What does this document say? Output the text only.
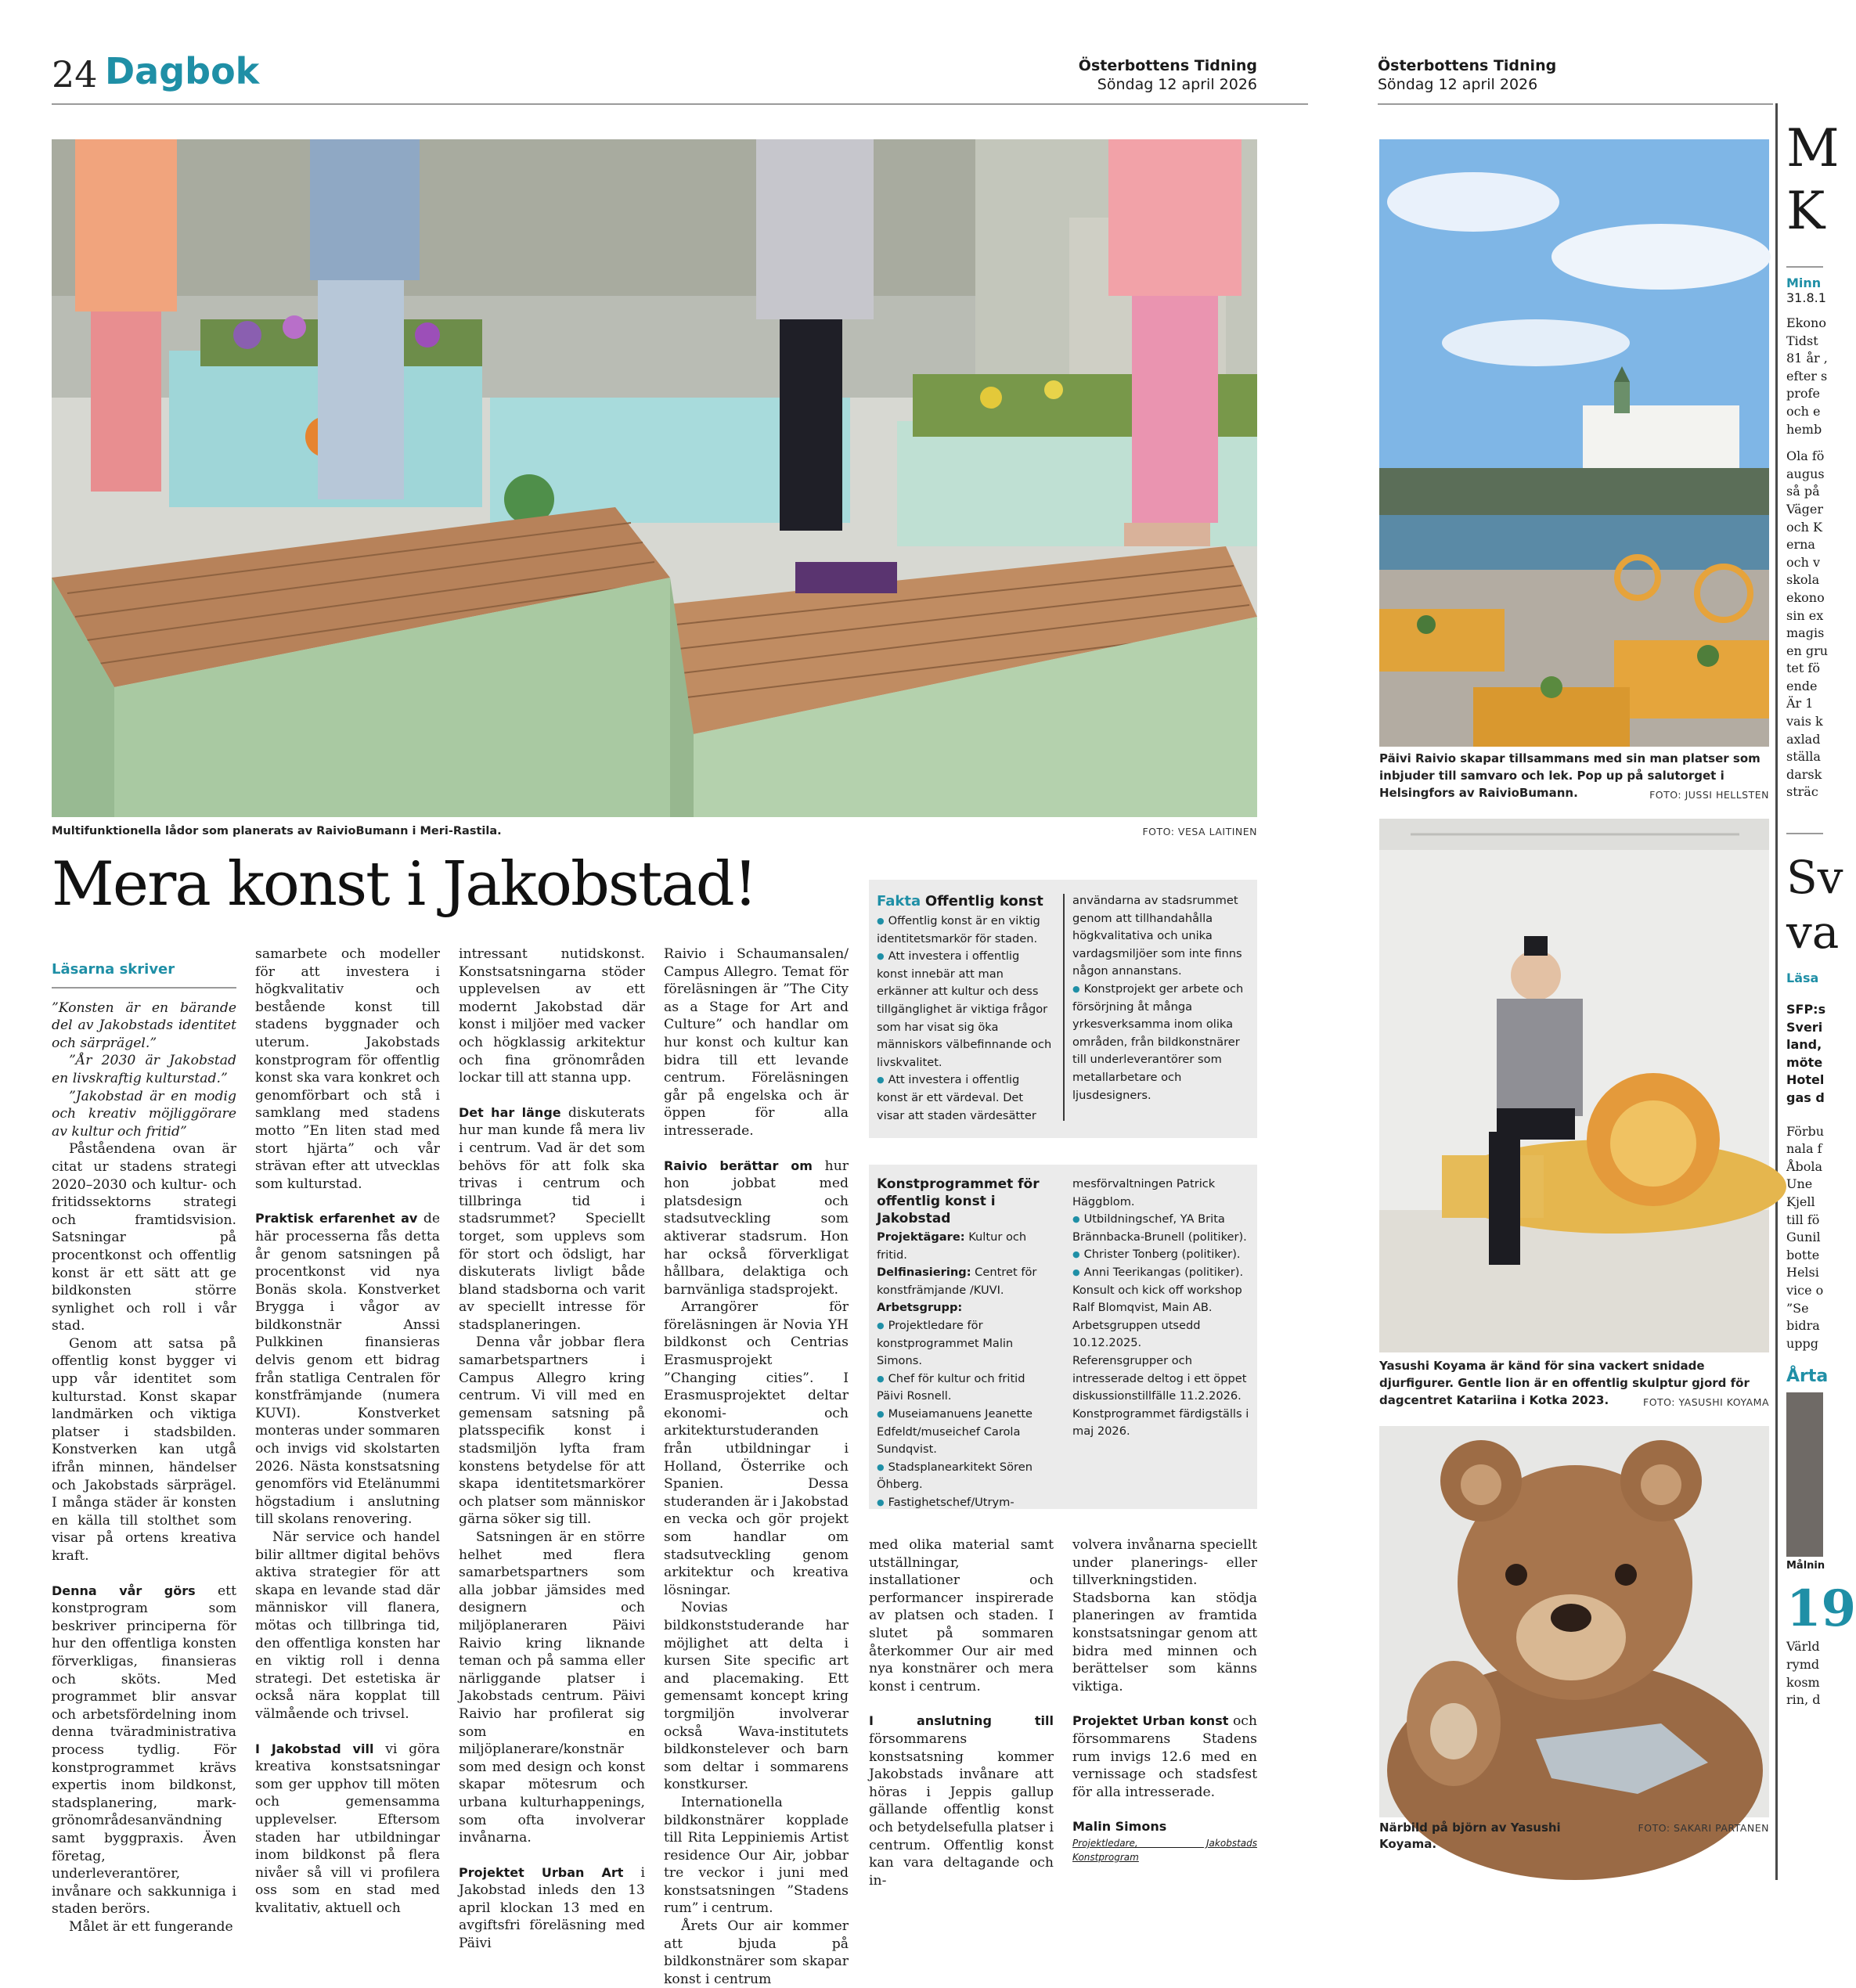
24 Dagbok	Österbottens Tidning
Söndag 12 april 2026
Österbottens Tidning
Söndag 12 april 2026
Multifunktionella lådor som planerats av RaivioBumann i Meri-Rastila.	FOTO: VESA LAITINEN
Mera konst i Jakobstad!
Läsarna skriver

”Konsten är en bärande del av Jakobstads identitet och särprägel.”

”År 2030 är Jakobstad en livskraftig kulturstad.”

”Jakobstad är en modig och kreativ möjliggörare av kultur och fritid”

Påståendena ovan är citat ur stadens strategi 2020–2030 och kultur- och fritidssektorns strategi och framtidsvision. Satsningar på procentkonst och offentlig konst är ett sätt att ge bildkonsten större synlighet och roll i vår stad.

Genom att satsa på offentlig konst bygger vi upp vår identitet som kulturstad. Konst skapar landmärken och viktiga platser i stadsbilden. Konstverken kan utgå ifrån minnen, händelser och Jakobstads särprägel. I många städer är konsten en källa till stolthet som visar på ortens kreativa kraft.

Denna vår görs ett konstprogram som beskriver principerna för hur den offentliga konsten förverkligas, finansieras och sköts. Med programmet blir ansvar och arbetsfördelning inom denna tväradministrativa process tydlig. För konstprogrammet krävs expertis inom bildkonst, stadsplanering, mark- grönområdesanvändning samt byggpraxis. Även företag, underleverantörer, invånare och sakkunniga i staden berörs.

Målet är ett fungerande

samarbete och modeller för att investera i högkvalitativ och bestående konst till stadens byggnader och uterum. Jakobstads konstprogram för offentlig konst ska vara konkret och genomförbart och stå i samklang med stadens motto ”En liten stad med stort hjärta” och vår strävan efter att utvecklas som kulturstad.

Praktisk erfarenhet av de här processerna fås detta år genom satsningen på procentkonst vid nya Bonäs skola. Konstverket Brygga i vågor av bildkonstnär Anssi Pulkkinen finansieras delvis genom ett bidrag från statliga Centralen för konstfrämjande (numera KUVI). Konstverket monteras under sommaren och invigs vid skolstarten 2026. Nästa konstsatsning genomförs vid Etelänummi högstadium i anslutning till skolans renovering.

När service och handel bilir alltmer digital behövs aktiva strategier för att skapa en levande stad där människor vill flanera, mötas och tillbringa tid, den offentliga konsten har en viktig roll i denna strategi. Det estetiska är också nära kopplat till välmående och trivsel.

I Jakobstad vill vi göra kreativa konstsatsningar som ger upphov till möten och gemensamma upplevelser. Eftersom staden har utbildningar inom bildkonst på flera nivåer så vill vi profilera oss som en stad med kvalitativ, aktuell och

intressant nutidskonst. Konstsatsningarna stöder upplevelsen av ett modernt Jakobstad där konst i miljöer med vacker och högklassig arkitektur och fina grönområden lockar till att stanna upp.

Det har länge diskuterats hur man kunde få mera liv i centrum. Vad är det som behövs för att folk ska trivas i centrum och tillbringa tid i stadsrummet? Speciellt torget, som upplevs som för stort och ödsligt, har diskuterats livligt både bland stadsborna och varit av speciellt intresse för stadsplaneringen.

Denna vår jobbar flera samarbetspartners i Campus Allegro kring centrum. Vi vill med en gemensam satsning på platsspecifik konst i stadsmiljön lyfta fram konstens betydelse för att skapa identitetsmarkörer och platser som människor gärna söker sig till.

Satsningen är en större helhet med flera samarbetspartners som alla jobbar jämsides med designern och miljöplaneraren Päivi Raivio kring liknande teman och på samma eller närliggande platser i Jakobstads centrum. Päivi Raivio har profilerat sig som en miljöplanerare/konstnär som med design och konst skapar mötesrum och urbana kulturhappenings, som ofta involverar invånarna.

Projektet Urban Art i Jakobstad inleds den 13 april klockan 13 med en avgiftsfri föreläsning med Päivi

Raivio i Schaumansalen/ Campus Allegro. Temat för föreläsningen är ”The City as a Stage for Art and Culture” och handlar om hur konst och kultur kan bidra till ett levande centrum. Föreläsningen går på engelska och är öppen för alla intresserade.

Raivio berättar om hur hon jobbat med platsdesign och stadsutveckling som aktiverar stadsrum. Hon har också förverkligat hållbara, delaktiga och barnvänliga stadsprojekt.

Arrangörer för föreläsningen är Novia YH bildkonst och Centrias Erasmusprojekt ”Changing cities”. I Erasmusprojektet deltar ekonomi- och arkitekturstuderanden från utbildningar i Holland, Österrike och Spanien. Dessa studeranden är i Jakobstad en vecka och gör projekt som handlar om stadsutveckling genom arkitektur och kreativa lösningar.

Novias bildkonststuderande har möjlighet att delta i kursen Site specific art and placemaking. Ett gemensamt koncept kring torgmiljön involverar också Wava-institutets bildkonstelever och barn som deltar i sommarens konstkurser.

Internationella bildkonstnärer kopplade till Rita Leppiniemis Artist residence Our Air, jobbar tre veckor i juni med konstsatsningen ”Stadens rum” i centrum.

Årets Our air kommer att bjuda på bildkonstnärer som skapar konst i centrum

Fakta Offentlig konst
● Offentlig konst är en viktig identitetsmarkör för staden.
● Att investera i offentlig konst innebär att man erkänner att kultur och dess tillgänglighet är viktiga frågor som har visat sig öka människors välbefinnande och livskvalitet.
● Att investera i offentlig konst är ett värdeval. Det visar att staden värdesätter
användarna av stadsrummet genom att tillhandahålla högkvalitativa och unika vardagsmiljöer som inte finns någon annanstans.
● Konstprojekt ger arbete och försörjning åt många yrkesverksamma inom olika områden, från bildkonstnärer till underleverantörer som metallarbetare och ljusdesigners.
Konstprogrammet för offentlig konst i Jakobstad
Projektägare: Kultur och fritid.
Delfinasiering: Centret för konstfrämjande /KUVI.
Arbetsgrupp:
● Projektledare för konstprogrammet Malin Simons.
● Chef för kultur och fritid Päivi Rosnell.
● Museiamanuens Jeanette Edfeldt/museichef Carola Sundqvist.
● Stadsplanearkitekt Sören Öhberg.
● Fastighetschef/Utrym-
mesförvaltningen Patrick Häggblom.
● Utbildningschef, YA Brita Brännbacka-Brunell (politiker).
● Christer Tonberg (politiker).
● Anni Teerikangas (politiker).
Konsult och kick off workshop Ralf Blomqvist, Main AB.
Arbetsgruppen utsedd 10.12.2025.
Referensgrupper och intresserade deltog i ett öppet diskussionstillfälle 11.2.2026.
Konstprogrammet färdigställs i maj 2026.

med olika material samt utställningar, installationer och performancer inspirerade av platsen och staden. I slutet på sommaren återkommer Our air med nya konstnärer och mera konst i centrum.

I anslutning till försommarens konstsatsning kommer Jakobstads invånare att höras i Jeppis gallup gällande offentlig konst och betydelsefulla platser i centrum. Offentlig konst kan vara deltagande och in-

volvera invånarna speciellt under planerings- eller tillverkningstiden. Stadsborna kan stödja planeringen av framtida konstsatsningar genom att bidra med minnen och berättelser som känns viktiga.

Projektet Urban konst och försommarens Stadens rum invigs 12.6 med en vernissage och stadsfest för alla intresserade.

Malin Simons

Projektledare, Jakobstads Konstprogram
Päivi Raivio skapar tillsammans med sin man platser som inbjuder till samvaro och lek. Pop up på salutorget i Helsingfors av RaivioBumann.	FOTO: JUSSI HELLSTEN
Yasushi Koyama är känd för sina vackert snidade djurfigurer. Gentle lion är en offentlig skulptur gjord för dagcentret Katariina i Kotka 2023.	FOTO: YASUSHI KOYAMA
Närbild på björn av Yasushi Koyama.
FOTO: SAKARI PARTANEN
M
K
Minn
31.8.1
Ekono
Tidst
81 år ,
efter s
profe
och e
hemb
Ola fö
augus
så på
Väger
och K
erna
och v
skola
ekono
sin ex
magis
en gru
tet fö
ende
Är 1
vais k
axlad
ställa
darsk
sträc
Sv
va
Läsa
SFP:s
Sveri
land,
möte
Hotel
gas d
Förbu
nala f
Åbola
Une
Kjell
till fö
Gunil
botte
Helsi
vice o
”Se
bidra
uppg
Årta
Målnin
19
Värld
rymd
kosm
rin, d
